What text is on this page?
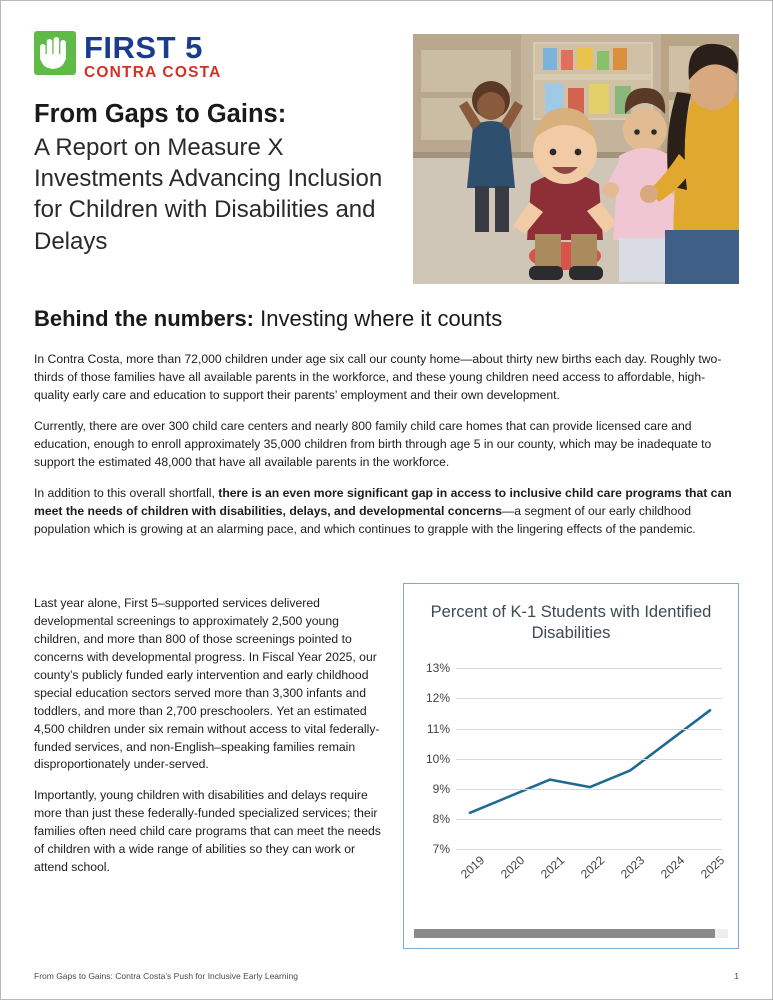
FIRST 5
CONTRA COSTA
From Gaps to Gains:
A Report on Measure X Investments Advancing Inclusion for Children with Disabilities and Delays
Behind the numbers: Investing where it counts

In Contra Costa, more than 72,000 children under age six call our county home—about thirty new births each day. Roughly two-thirds of those families have all available parents in the workforce, and these young children need access to affordable, high-quality early care and education to support their parents’ employment and their own development.

Currently, there are over 300 child care centers and nearly 800 family child care homes that can provide licensed care and education, enough to enroll approximately 35,000 children from birth through age 5 in our county, which may be inadequate to support the estimated 48,000 that have all available parents in the workforce.

In addition to this overall shortfall, there is an even more significant gap in access to inclusive child care programs that can meet the needs of children with disabilities, delays, and developmental concerns—a segment of our early childhood population which is growing at an alarming pace, and which continues to grapple with the lingering effects of the pandemic.

Last year alone, First 5–supported services delivered developmental screenings to approximately 2,500 young children, and more than 800 of those screenings pointed to concerns with developmental progress. In Fiscal Year 2025, our county’s publicly funded early intervention and early childhood special education sectors served more than 3,300 infants and toddlers, and more than 2,700 preschoolers. Yet an estimated 4,500 children under six remain without access to vital federally-funded services, and non-English–speaking families remain disproportionately under-served.

Importantly, young children with disabilities and delays require more than just these federally-funded specialized services; their families often need child care programs that can meet the needs of children with a wide range of abilities so they can work or attend school.

Percent of K-1 Students with Identified Disabilities
13%
12%
11%
10%
9%
8%
7%
2019 2020 2021 2022 2023 2024 2025
From Gaps to Gains: Contra Costa’s Push for Inclusive Early Learning	1
